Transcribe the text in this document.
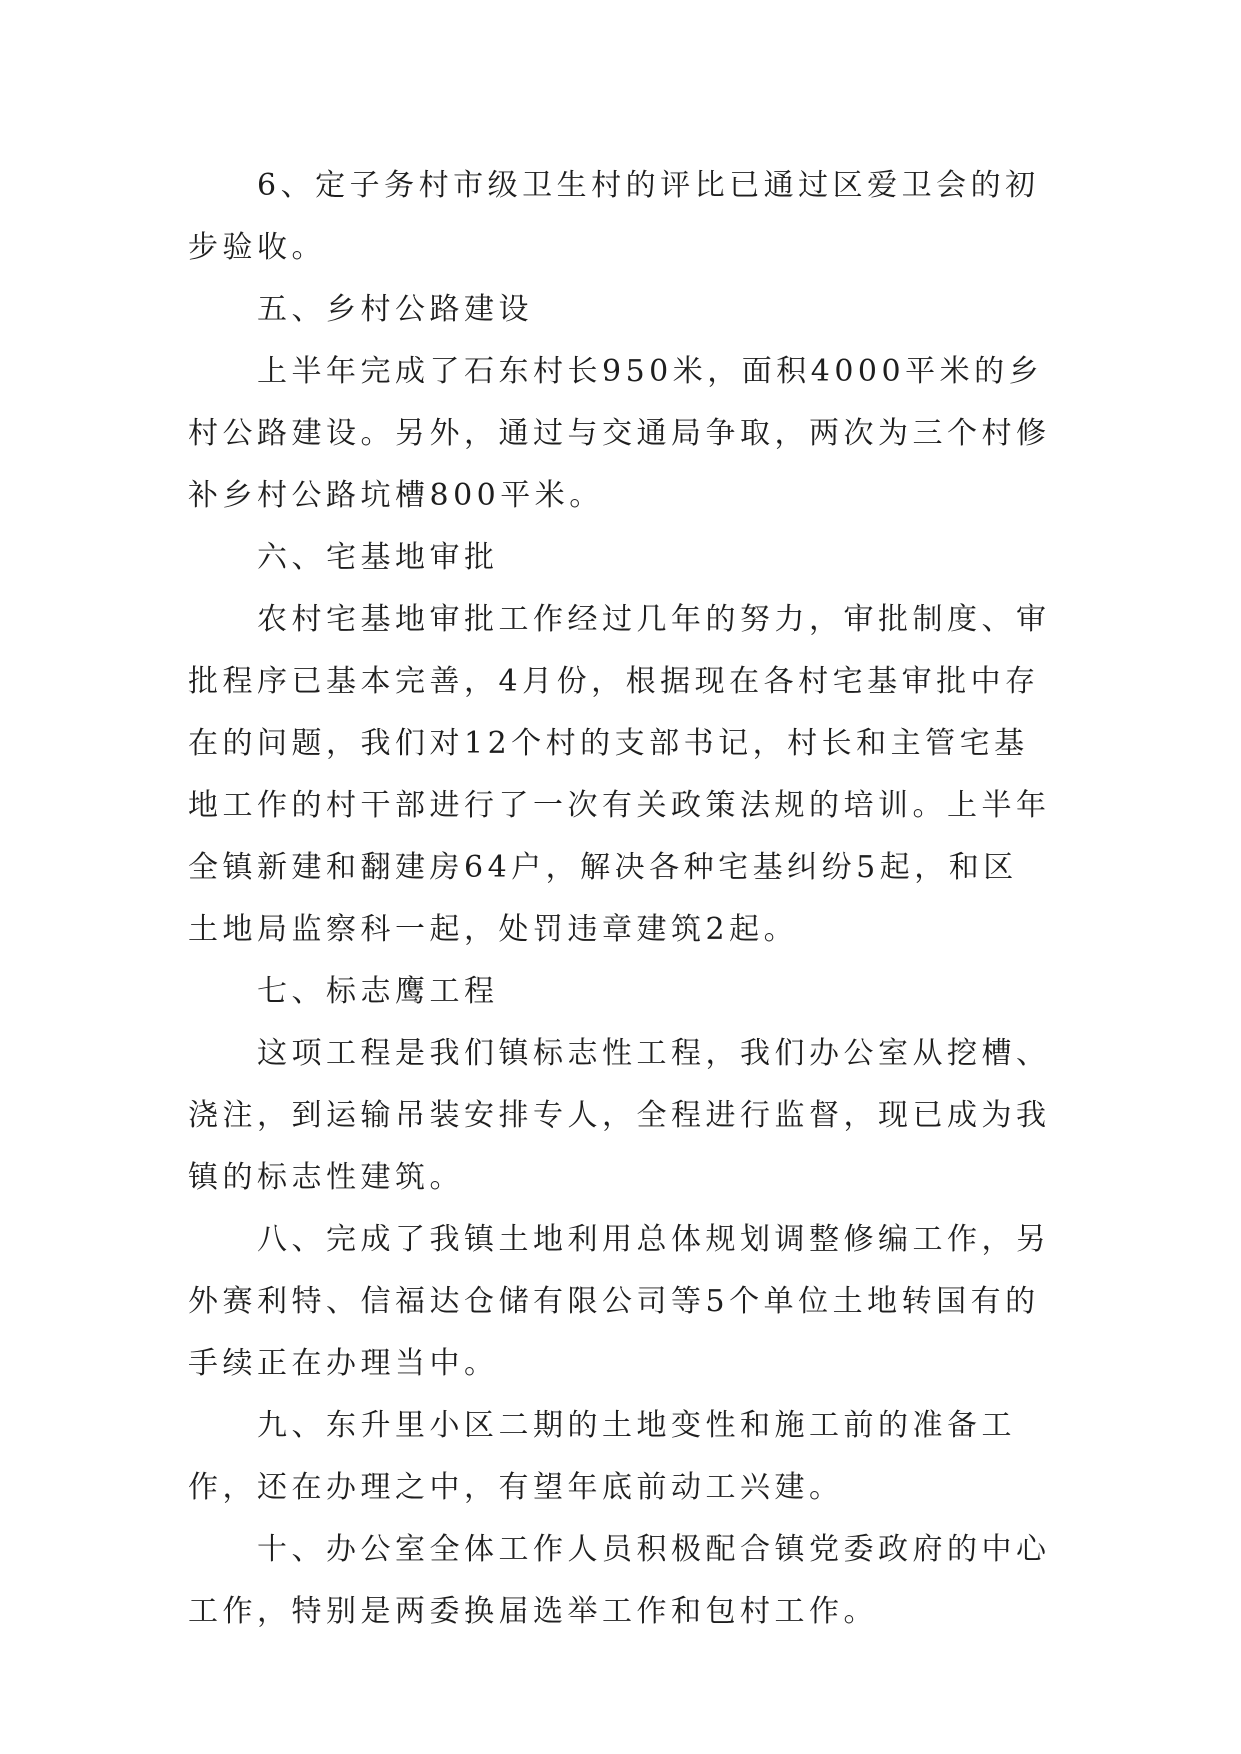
6、定子务村市级卫生村的评比已通过区爱卫会的初步验收。

五、乡村公路建设

上半年完成了石东村长950米，面积4000平米的乡村公路建设。另外，通过与交通局争取，两次为三个村修补乡村公路坑槽800平米。

六、宅基地审批

农村宅基地审批工作经过几年的努力，审批制度、审批程序已基本完善，4月份，根据现在各村宅基审批中存在的问题，我们对12个村的支部书记，村长和主管宅基地工作的村干部进行了一次有关政策法规的培训。上半年全镇新建和翻建房64户，解决各种宅基纠纷5起，和区土地局监察科一起，处罚违章建筑2起。

七、标志鹰工程

这项工程是我们镇标志性工程，我们办公室从挖槽、浇注，到运输吊装安排专人，全程进行监督，现已成为我镇的标志性建筑。

八、完成了我镇土地利用总体规划调整修编工作，另外赛利特、信福达仓储有限公司等5个单位土地转国有的手续正在办理当中。

九、东升里小区二期的土地变性和施工前的准备工作，还在办理之中，有望年底前动工兴建。

十、办公室全体工作人员积极配合镇党委政府的中心工作，特别是两委换届选举工作和包村工作。
